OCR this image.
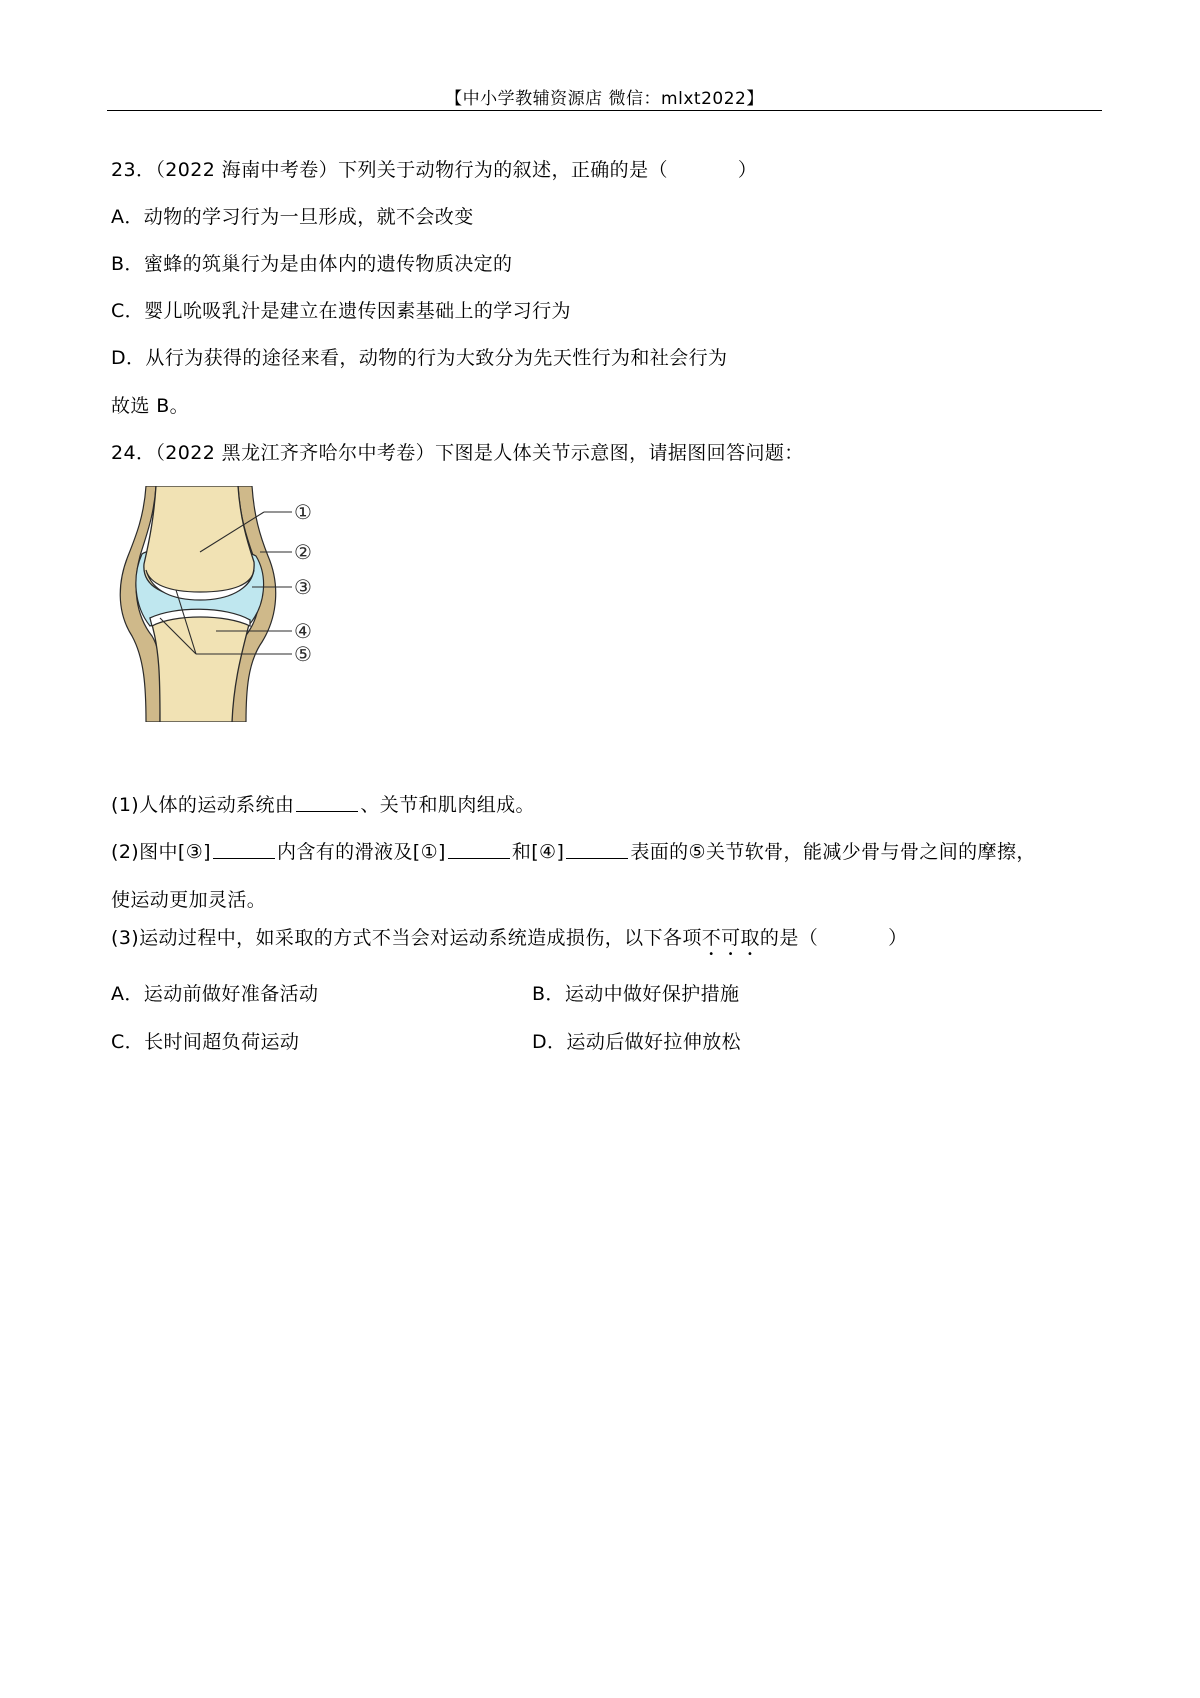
【中小学教辅资源店 微信：mlxt2022】
23．（2022 海南中考卷）下列关于动物行为的叙述，正确的是（	）
A．动物的学习行为一旦形成，就不会改变
B．蜜蜂的筑巢行为是由体内的遗传物质决定的
C．婴儿吮吸乳汁是建立在遗传因素基础上的学习行为
D．从行为获得的途径来看，动物的行为大致分为先天性行为和社会行为
故选 B。
24．（2022 黑龙江齐齐哈尔中考卷）下图是人体关节示意图，请据图回答问题：
①
②
③
④
⑤
(1)人体的运动系统由	、关节和肌肉组成。
(2)图中[③]	内含有的滑液及[①]	和[④]	表面的⑤关节软骨，能减少骨与骨之间的摩擦，
使运动更加灵活。
(3)运动过程中，如采取的方式不当会对运动系统造成损伤，以下各项不可取的是（	）
A．运动前做好准备活动	B．运动中做好保护措施
C．长时间超负荷运动	D．运动后做好拉伸放松
